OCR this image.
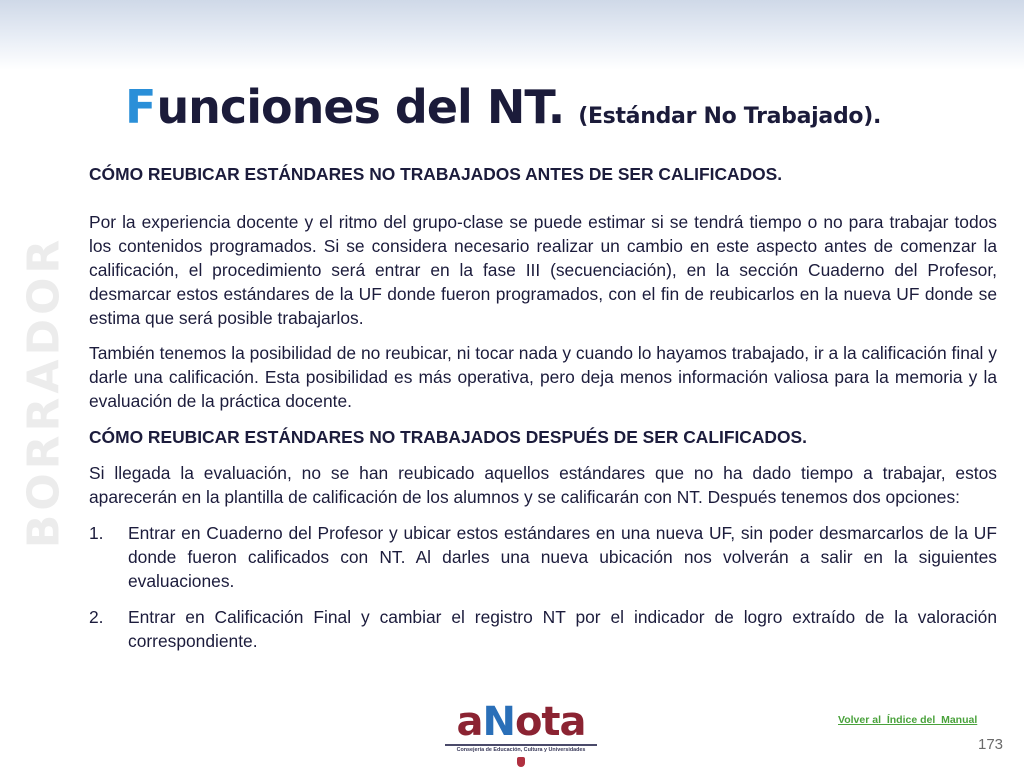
BORRADOR
Funciones del NT. (Estándar No Trabajado).

CÓMO REUBICAR ESTÁNDARES NO TRABAJADOS ANTES DE SER CALIFICADOS.

Por la experiencia docente y el ritmo del grupo-clase se puede estimar si se tendrá tiempo o no para trabajar todos los contenidos programados. Si se considera necesario realizar un cambio en este aspecto antes de comenzar la calificación, el procedimiento será entrar en la fase III (secuenciación), en la sección Cuaderno del Profesor, desmarcar estos estándares de la UF donde fueron programados, con el fin de reubicarlos en la nueva UF donde se estima que será posible trabajarlos.

También tenemos la posibilidad de no reubicar, ni tocar nada y cuando lo hayamos trabajado, ir a la calificación final y darle una calificación. Esta posibilidad es más operativa, pero deja menos información valiosa para la memoria y la evaluación de la práctica docente.

CÓMO REUBICAR ESTÁNDARES NO TRABAJADOS DESPUÉS DE SER CALIFICADOS.

Si llegada la evaluación, no se han reubicado aquellos estándares que no ha dado tiempo a trabajar, estos aparecerán en la plantilla de calificación de los alumnos y se calificarán con NT. Después tenemos dos opciones:

1.	Entrar en Cuaderno del Profesor y ubicar estos estándares en una nueva UF, sin poder desmarcarlos de la UF donde fueron calificados con NT. Al darles una nueva ubicación nos volverán a salir en la siguientes evaluaciones.
2.	Entrar en Calificación Final y cambiar el registro NT por el indicador de logro extraído de la valoración correspondiente.
aNota
Consejería de Educación, Cultura y Universidades
Volver al  Índice del  Manual
173
